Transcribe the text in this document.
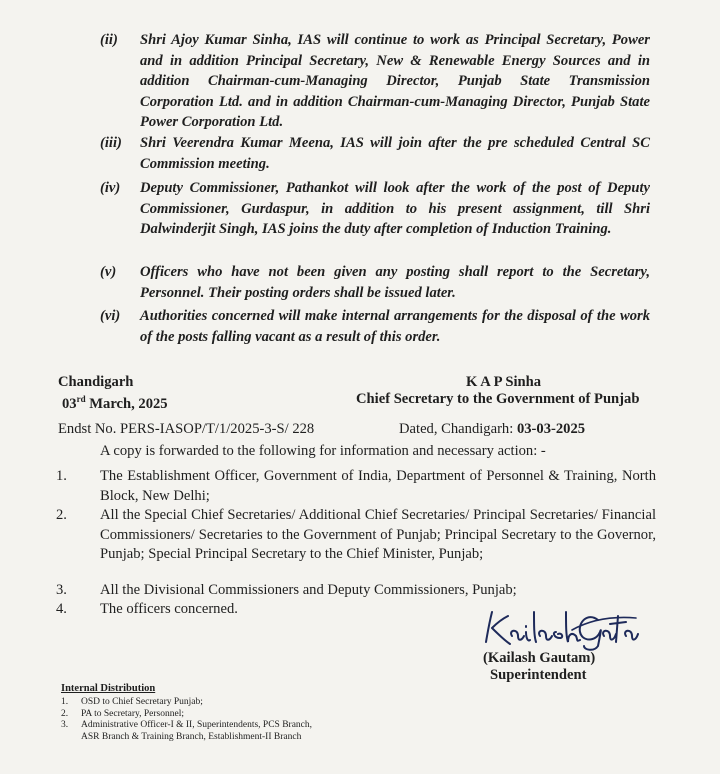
(ii)	Shri Ajoy Kumar Sinha, IAS will continue to work as Principal Secretary, Power and in addition Principal Secretary, New & Renewable Energy Sources and in addition Chairman-cum-Managing Director, Punjab State Transmission Corporation Ltd. and in addition Chairman-cum-Managing Director, Punjab State Power Corporation Ltd.
(iii)	Shri Veerendra Kumar Meena, IAS will join after the pre scheduled Central SC Commission meeting.
(iv)	Deputy Commissioner, Pathankot will look after the work of the post of Deputy Commissioner, Gurdaspur, in addition to his present assignment, till Shri Dalwinderjit Singh, IAS joins the duty after completion of Induction Training.
(v)	Officers who have not been given any posting shall report to the Secretary, Personnel. Their posting orders shall be issued later.
(vi)	Authorities concerned will make internal arrangements for the disposal of the work of the posts falling vacant as a result of this order.
Chandigarh
03rd March, 2025
K A P Sinha
Chief Secretary to the Government of Punjab
Endst No. PERS-IASOP/T/1/2025-3-S/ 228	Dated, Chandigarh: 03-03-2025
A copy is forwarded to the following for information and necessary action: -
1.	The Establishment Officer, Government of India, Department of Personnel & Training, North Block, New Delhi;
2.	All the Special Chief Secretaries/ Additional Chief Secretaries/ Principal Secretaries/ Financial Commissioners/ Secretaries to the Government of Punjab; Principal Secretary to the Governor, Punjab; Special Principal Secretary to the Chief Minister, Punjab;
3.	All the Divisional Commissioners and Deputy Commissioners, Punjab;
4.	The officers concerned.
(Kailash Gautam)
Superintendent
Internal Distribution
1. OSD to Chief Secretary Punjab;
2. PA to Secretary, Personnel;
3. Administrative Officer-I & II, Superintendents, PCS Branch,
ASR Branch & Training Branch, Establishment-II Branch
